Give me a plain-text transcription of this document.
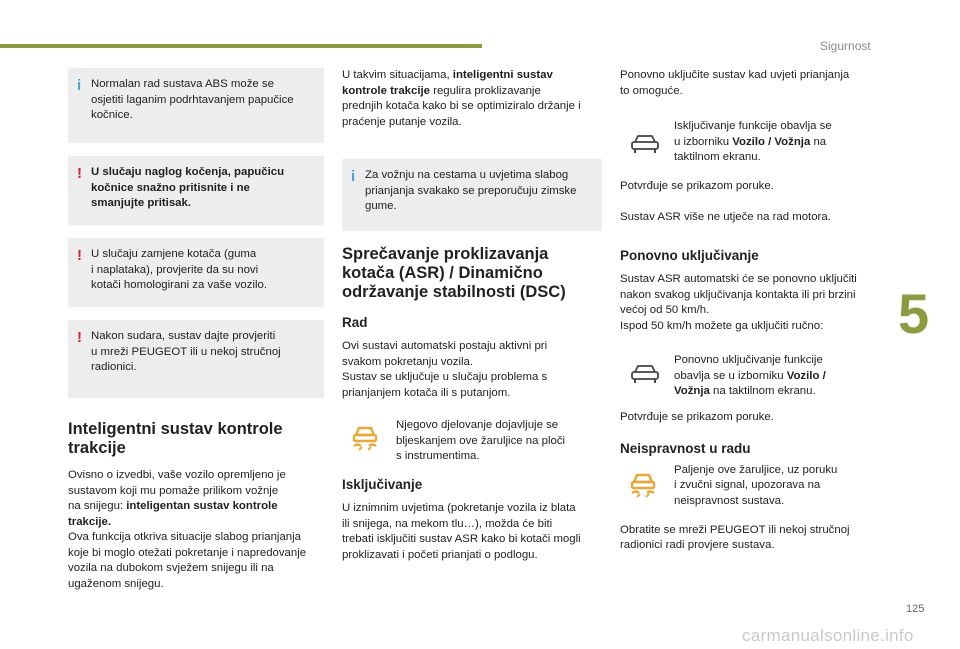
Sigurnost
5
125
carmanualsonline.info
i Normalan rad sustava ABS može se
osjetiti laganim podrhtavanjem papučice
kočnice.
! U slučaju naglog kočenja, papučicu
kočnice snažno pritisnite i ne
smanjujte pritisak.
! U slučaju zamjene kotača (guma
i naplataka), provjerite da su novi
kotači homologirani za vaše vozilo.
! Nakon sudara, sustav dajte provjeriti
u mreži PEUGEOT ili u nekoj stručnoj
radionici.
Inteligentni sustav kontrole
trakcije

Ovisno o izvedbi, vaše vozilo opremljeno je
sustavom koji mu pomaže prilikom vožnje
na snijegu: inteligentan sustav kontrole
trakcije.
Ova funkcija otkriva situacije slabog prianjanja
koje bi moglo otežati pokretanje i napredovanje
vozila na dubokom svježem snijegu ili na
ugaženom snijegu.

U takvim situacijama, inteligentni sustav
kontrole trakcije regulira proklizavanje
prednjih kotača kako bi se optimiziralo držanje i
praćenje putanje vozila.

i Za vožnju na cestama u uvjetima slabog
prianjanja svakako se preporučuju zimske
gume.
Sprečavanje proklizavanja
kotača (ASR) / Dinamično
održavanje stabilnosti (DSC)
Rad

Ovi sustavi automatski postaju aktivni pri
svakom pokretanju vozila.
Sustav se uključuje u slučaju problema s
prianjanjem kotača ili s putanjom.

Njegovo djelovanje dojavljuje se
bljeskanjem ove žaruljice na ploči
s instrumentima.
Isključivanje

U iznimnim uvjetima (pokretanje vozila iz blata
ili snijega, na mekom tlu…), možda će biti
trebati isključiti sustav ASR kako bi kotači mogli
proklizavati i početi prianjati o podlogu.

Ponovno uključite sustav kad uvjeti prianjanja
to omoguće.

Isključivanje funkcije obavlja se
u izborniku Vozilo / Vožnja na
taktilnom ekranu.

Potvrđuje se prikazom poruke.

Sustav ASR više ne utječe na rad motora.

Ponovno uključivanje

Sustav ASR automatski će se ponovno uključiti
nakon svakog uključivanja kontakta ili pri brzini
većoj od 50 km/h.
Ispod 50 km/h možete ga uključiti ručno:

Ponovno uključivanje funkcije
obavlja se u izborniku Vozilo /
Vožnja na taktilnom ekranu.

Potvrđuje se prikazom poruke.

Neispravnost u radu
Paljenje ove žaruljice, uz poruku
i zvučni signal, upozorava na
neispravnost sustava.

Obratite se mreži PEUGEOT ili nekoj stručnoj
radionici radi provjere sustava.
